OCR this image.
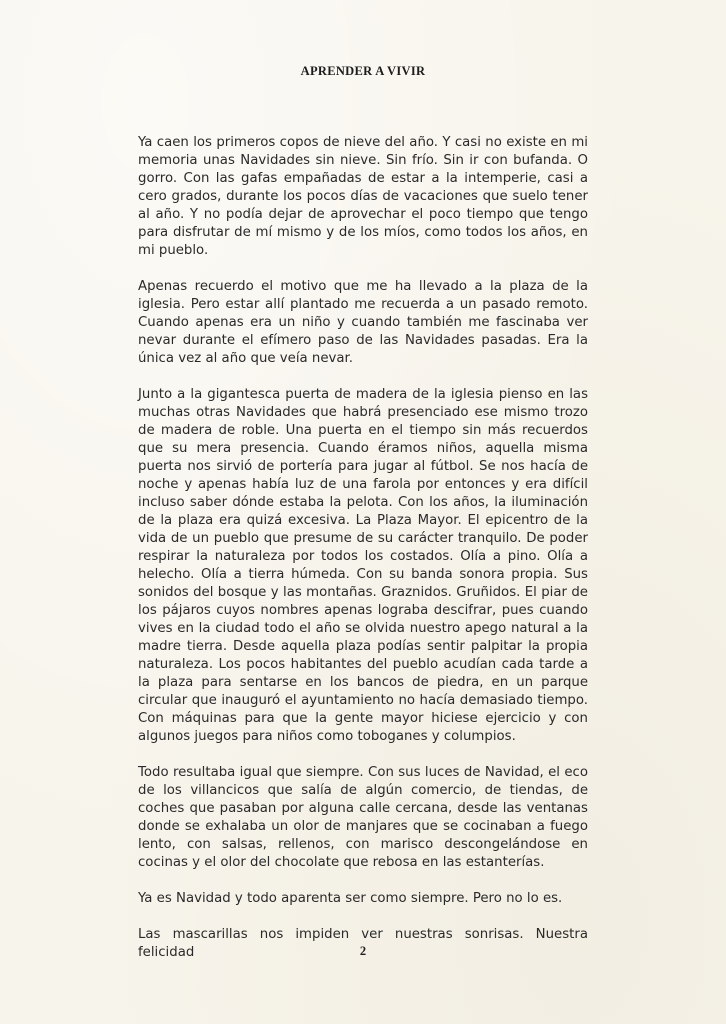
APRENDER A VIVIR

Ya caen los primeros copos de nieve del año. Y casi no existe en mi memoria unas Navidades sin nieve. Sin frío. Sin ir con bufanda. O gorro. Con las gafas empañadas de estar a la intemperie, casi a cero grados, durante los pocos días de vacaciones que suelo tener al año. Y no podía dejar de aprovechar el poco tiempo que tengo para disfrutar de mí mismo y de los míos, como todos los años, en mi pueblo.

Apenas recuerdo el motivo que me ha llevado a la plaza de la iglesia. Pero estar allí plantado me recuerda a un pasado remoto. Cuando apenas era un niño y cuando también me fascinaba ver nevar durante el efímero paso de las Navidades pasadas. Era la única vez al año que veía nevar.

Junto a la gigantesca puerta de madera de la iglesia pienso en las muchas otras Navidades que habrá presenciado ese mismo trozo de madera de roble. Una puerta en el tiempo sin más recuerdos que su mera presencia. Cuando éramos niños, aquella misma puerta nos sirvió de portería para jugar al fútbol. Se nos hacía de noche y apenas había luz de una farola por entonces y era difícil incluso saber dónde estaba la pelota. Con los años, la iluminación de la plaza era quizá excesiva. La Plaza Mayor. El epicentro de la vida de un pueblo que presume de su carácter tranquilo. De poder respirar la naturaleza por todos los costados. Olía a pino. Olía a helecho. Olía a tierra húmeda. Con su banda sonora propia. Sus sonidos del bosque y las montañas. Graznidos. Gruñidos. El piar de los pájaros cuyos nombres apenas lograba descifrar, pues cuando vives en la ciudad todo el año se olvida nuestro apego natural a la madre tierra. Desde aquella plaza podías sentir palpitar la propia naturaleza. Los pocos habitantes del pueblo acudían cada tarde a la plaza para sentarse en los bancos de piedra, en un parque circular que inauguró el ayuntamiento no hacía demasiado tiempo. Con máquinas para que la gente mayor hiciese ejercicio y con algunos juegos para niños como toboganes y columpios.

Todo resultaba igual que siempre. Con sus luces de Navidad, el eco de los villancicos que salía de algún comercio, de tiendas, de coches que pasaban por alguna calle cercana, desde las ventanas donde se exhalaba un olor de manjares que se cocinaban a fuego lento, con salsas, rellenos, con marisco descongelándose en cocinas y el olor del chocolate que rebosa en las estanterías.

Ya es Navidad y todo aparenta ser como siempre. Pero no lo es.

Las mascarillas nos impiden ver nuestras sonrisas. Nuestra felicidad	2
